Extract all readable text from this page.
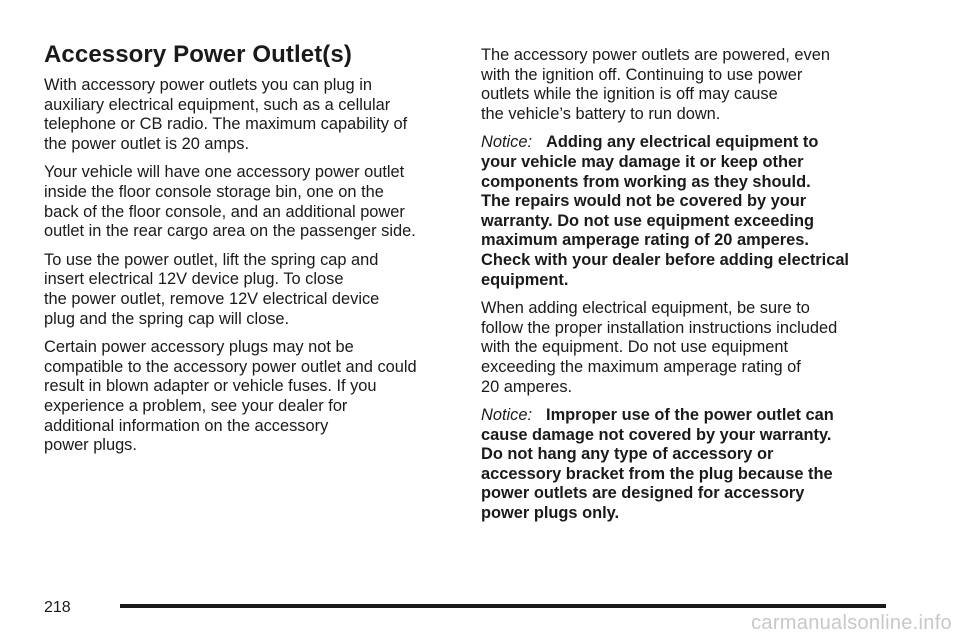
Accessory Power Outlet(s)

With accessory power outlets you can plug in
auxiliary electrical equipment, such as a cellular
telephone or CB radio. The maximum capability of
the power outlet is 20 amps.

Your vehicle will have one accessory power outlet
inside the floor console storage bin, one on the
back of the floor console, and an additional power
outlet in the rear cargo area on the passenger side.

To use the power outlet, lift the spring cap and
insert electrical 12V device plug. To close
the power outlet, remove 12V electrical device
plug and the spring cap will close.

Certain power accessory plugs may not be
compatible to the accessory power outlet and could
result in blown adapter or vehicle fuses. If you
experience a problem, see your dealer for
additional information on the accessory
power plugs.

The accessory power outlets are powered, even
with the ignition off. Continuing to use power
outlets while the ignition is off may cause
the vehicle’s battery to run down.

Notice: Adding any electrical equipment to
your vehicle may damage it or keep other
components from working as they should.
The repairs would not be covered by your
warranty. Do not use equipment exceeding
maximum amperage rating of 20 amperes.
Check with your dealer before adding electrical
equipment.

When adding electrical equipment, be sure to
follow the proper installation instructions included
with the equipment. Do not use equipment
exceeding the maximum amperage rating of
20 amperes.

Notice: Improper use of the power outlet can
cause damage not covered by your warranty.
Do not hang any type of accessory or
accessory bracket from the plug because the
power outlets are designed for accessory
power plugs only.

218
carmanualsonline.info
